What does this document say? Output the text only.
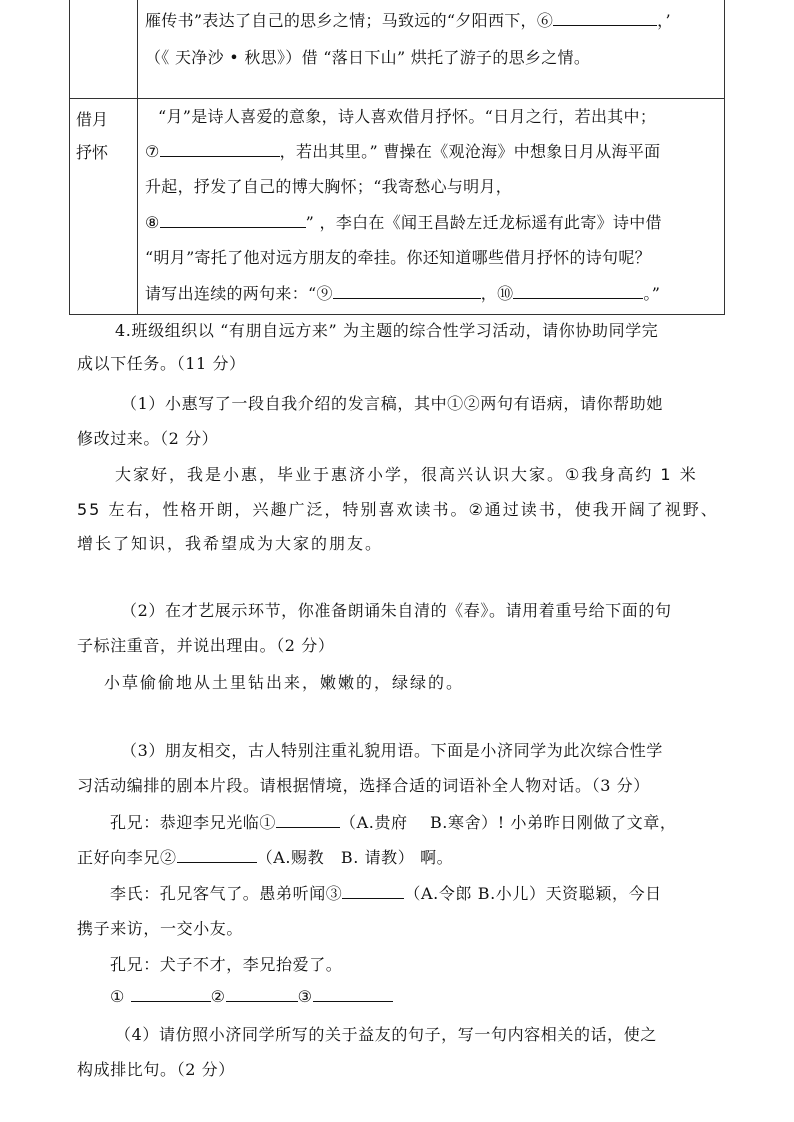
雁传书”表达了自己的思乡之情；马致远的“夕阳西下，⑥	，’
（《 天净沙 • 秋思》）借 “落日下山” 烘托了游子的思乡之情。
借月
抒怀
“月”是诗人喜爱的意象，诗人喜欢借月抒怀。“日月之行，若出其中；
⑦	，若出其里。” 曹操在《观沧海》中想象日月从海平面
升起，抒发了自己的博大胸怀；“我寄愁心与明月，
⑧	” ，李白在《闻王昌龄左迁龙标遥有此寄》诗中借
“明月”寄托了他对远方朋友的牵挂。你还知道哪些借月抒怀的诗句呢？
请写出连续的两句来：“⑨	，⑩	。”
4.班级组织以 “有朋自远方来” 为主题的综合性学习活动，请你协助同学完
成以下任务。（11 分）
（1）小惠写了一段自我介绍的发言稿，其中①②两句有语病，请你帮助她
修改过来。（2 分）
大家好，我是小惠，毕业于惠济小学，很高兴认识大家。①我身高约 1 米
55 左右，性格开朗，兴趣广泛，特别喜欢读书。②通过读书，使我开阔了视野、
增长了知识，我希望成为大家的朋友。
（2）在才艺展示环节，你准备朗诵朱自清的《春》。请用着重号给下面的句
子标注重音，并说出理由。（2 分）
小草偷偷地从土里钻出来，嫩嫩的，绿绿的。
（3）朋友相交，古人特别注重礼貌用语。下面是小济同学为此次综合性学
习活动编排的剧本片段。请根据情境，选择合适的词语补全人物对话。（3 分）
孔兄：恭迎李兄光临①	（A.贵府　 B.寒舍）! 小弟昨日刚做了文章，
正好向李兄②	（A.赐教　B. 请教） 啊。
李氏：孔兄客气了。愚弟听闻③	（A.令郎 B.小儿）天资聪颖，今日
携子来访，一交小友。
孔兄：犬子不才，李兄抬爱了。
①	②	③
（4）请仿照小济同学所写的关于益友的句子，写一句内容相关的话，使之
构成排比句。（2 分）
